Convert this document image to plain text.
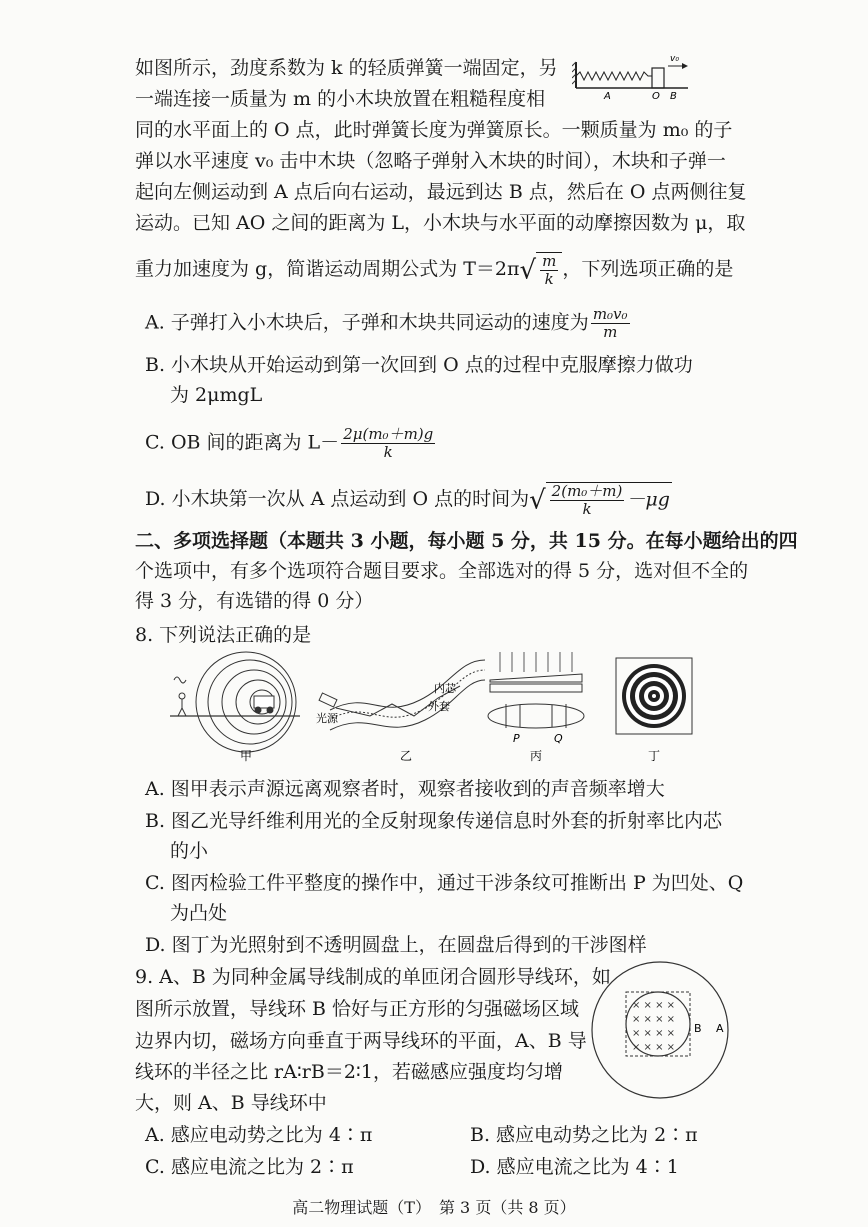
如图所示，劲度系数为 k 的轻质弹簧一端固定，另
一端连接一质量为 m 的小木块放置在粗糙程度相
v₀
A	O B
同的水平面上的 O 点，此时弹簧长度为弹簧原长。一颗质量为 m₀ 的子
弹以水平速度 v₀ 击中木块（忽略子弹射入木块的时间），木块和子弹一
起向左侧运动到 A 点后向右运动，最远到达 B 点，然后在 O 点两侧往复
运动。已知 AO 之间的距离为 L，小木块与水平面的动摩擦因数为 μ，取
重力加速度为 g，简谐运动周期公式为 $T=2\pi√ \frac{m}{k}$ ，下列选项正确的是
A. 子弹打入小木块后，子弹和木块共同运动的速度为 $\frac{\text{m₀v₀}}{m}$
B. 小木块从开始运动到第一次回到 O 点的过程中克服摩擦力做功
为 2μmgL
C. OB 间的距离为 $L- \frac{\text{2μ(m₀＋m)g}}{k}$
D. 小木块第一次从 A 点运动到 O 点的时间为√ $\frac{\text{2(m₀＋m)}}{k} -\mu g$
二、多项选择题（本题共 3 小题，每小题 5 分，共 15 分。在每小题给出的四
个选项中，有多个选项符合题目要求。全部选对的得 5 分，选对但不全的
得 3 分，有选错的得 0 分）
8. 下列说法正确的是
甲
光源
内芯
外套
乙
P	Q
丙	丁
A. 图甲表示声源远离观察者时，观察者接收到的声音频率增大
B. 图乙光导纤维利用光的全反射现象传递信息时外套的折射率比内芯
的小
C. 图丙检验工件平整度的操作中，通过干涉条纹可推断出 P 为凹处、Q
为凸处
D. 图丁为光照射到不透明圆盘上，在圆盘后得到的干涉图样
9. A、B 为同种金属导线制成的单匝闭合圆形导线环，如
图所示放置，导线环 B 恰好与正方形的匀强磁场区域
边界内切，磁场方向垂直于两导线环的平面，A、B 导
线环的半径之比 rA∶rB＝2∶1，若磁感应强度均匀增
大，则 A、B 导线环中
× × × ×
× × × ×
× × × ×
× × × ×
B A
A. 感应电动势之比为 4∶π	B. 感应电动势之比为 2∶π
C. 感应电流之比为 2∶π	D. 感应电流之比为 4∶1
高二物理试题（T）　第 3 页（共 8 页）
